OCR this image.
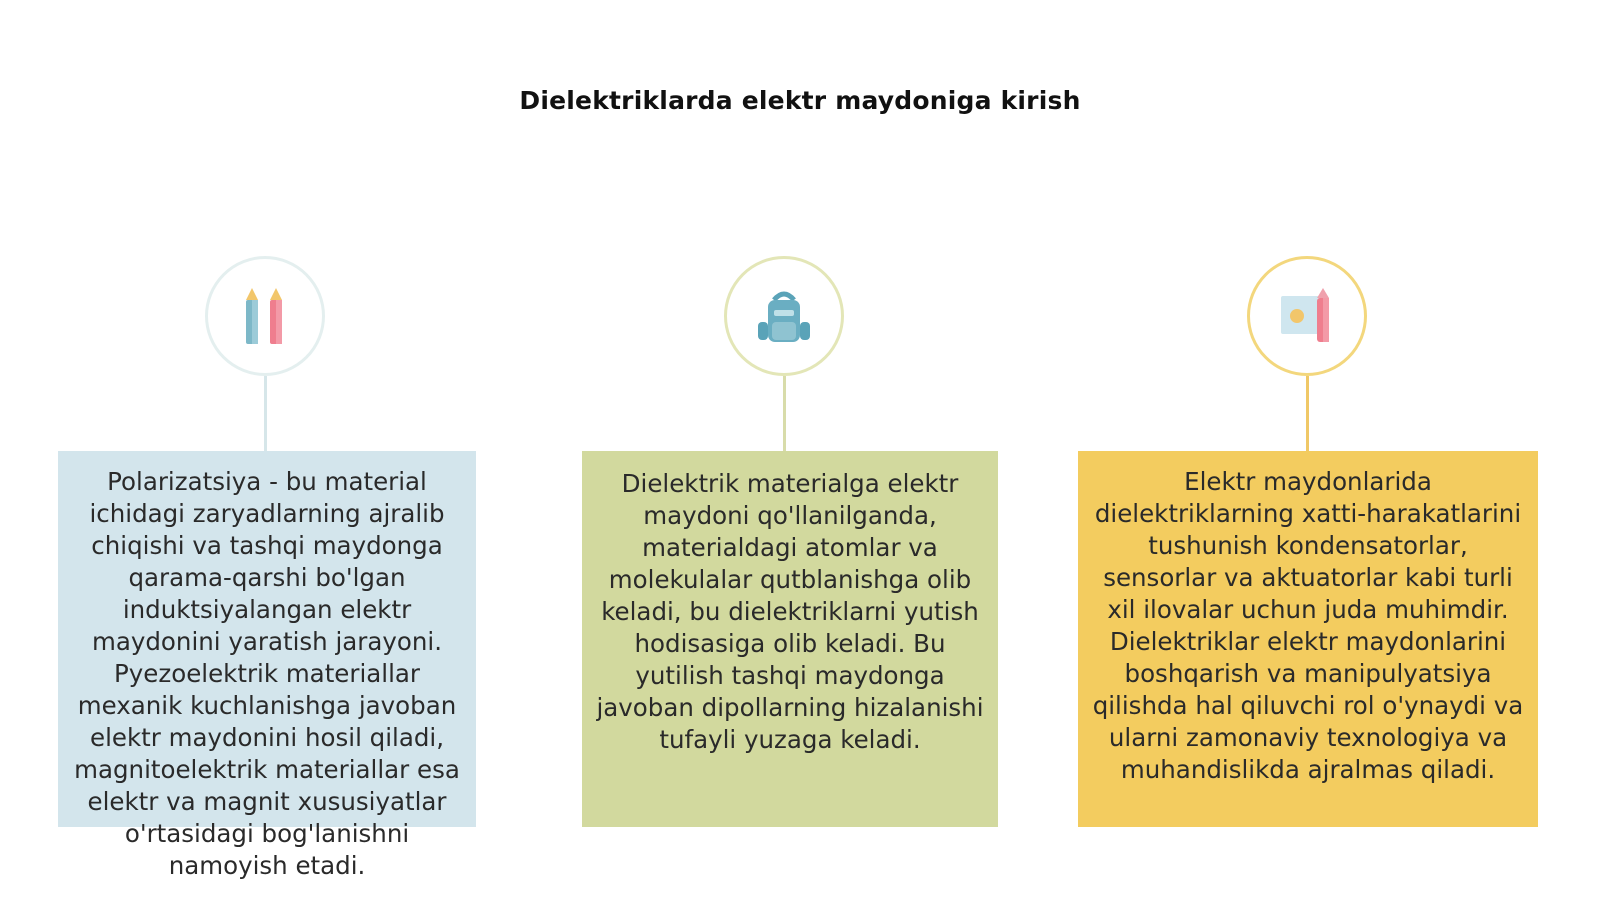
Dielektriklarda elektr maydoniga kirish
Polarizatsiya - bu material ichidagi zaryadlarning ajralib chiqishi va tashqi maydonga qarama-qarshi bo'lgan induktsiyalangan elektr maydonini yaratish jarayoni. Pyezoelektrik materiallar mexanik kuchlanishga javoban elektr maydonini hosil qiladi, magnitoelektrik materiallar esa elektr va magnit xususiyatlar o'rtasidagi bog'lanishni namoyish etadi.
Dielektrik materialga elektr maydoni qo'llanilganda, materialdagi atomlar va molekulalar qutblanishga olib keladi, bu dielektriklarni yutish hodisasiga olib keladi. Bu yutilish tashqi maydonga javoban dipollarning hizalanishi tufayli yuzaga keladi.
Elektr maydonlarida dielektriklarning xatti-harakatlarini tushunish kondensatorlar, sensorlar va aktuatorlar kabi turli xil ilovalar uchun juda muhimdir. Dielektriklar elektr maydonlarini boshqarish va manipulyatsiya qilishda hal qiluvchi rol o'ynaydi va ularni zamonaviy texnologiya va muhandislikda ajralmas qiladi.
